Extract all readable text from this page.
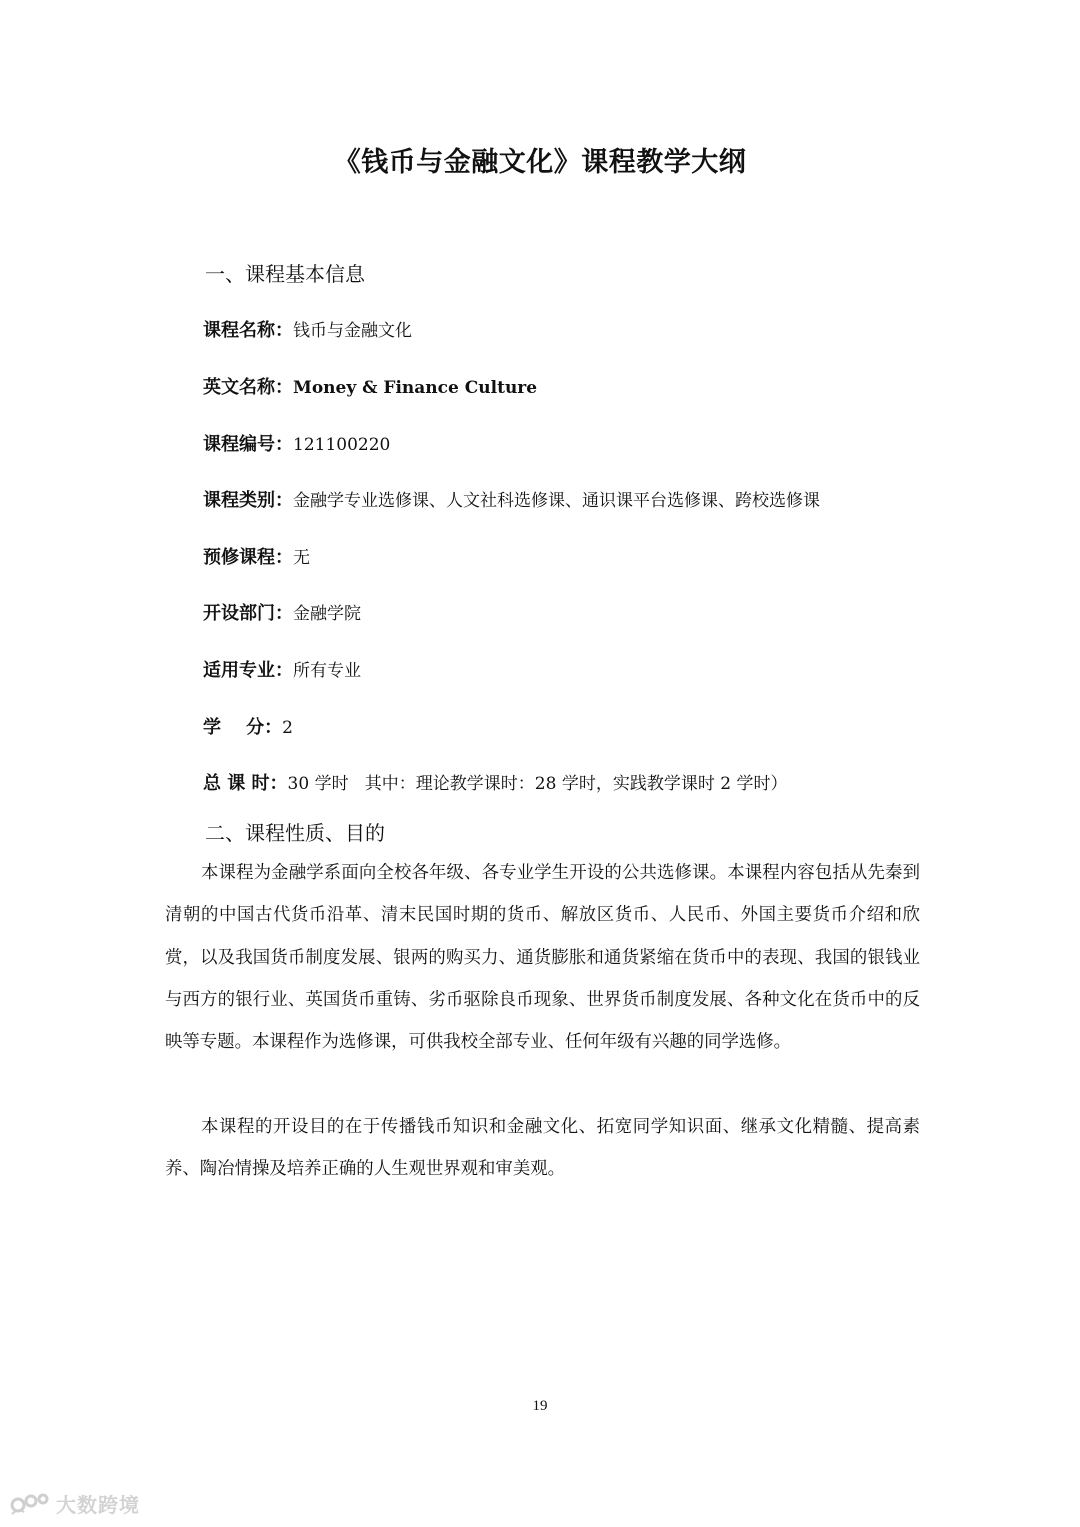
《钱币与金融文化》课程教学大纲
一、课程基本信息
课程名称：钱币与金融文化
英文名称：Money & Finance Culture
课程编号：121100220
课程类别：金融学专业选修课、人文社科选修课、通识课平台选修课、跨校选修课
预修课程：无
开设部门：金融学院
适用专业：所有专业
学    分：2
总 课 时：30 学时   其中：理论教学课时：28 学时，实践教学课时 2 学时）
二、课程性质、目的

本课程为金融学系面向全校各年级、各专业学生开设的公共选修课。本课程内容包括从先秦到清朝的中国古代货币沿革、清末民国时期的货币、解放区货币、人民币、外国主要货币介绍和欣赏，以及我国货币制度发展、银两的购买力、通货膨胀和通货紧缩在货币中的表现、我国的银钱业与西方的银行业、英国货币重铸、劣币驱除良币现象、世界货币制度发展、各种文化在货币中的反映等专题。本课程作为选修课，可供我校全部专业、任何年级有兴趣的同学选修。

本课程的开设目的在于传播钱币知识和金融文化、拓宽同学知识面、继承文化精髓、提高素养、陶冶情操及培养正确的人生观世界观和审美观。

19
大数跨境
